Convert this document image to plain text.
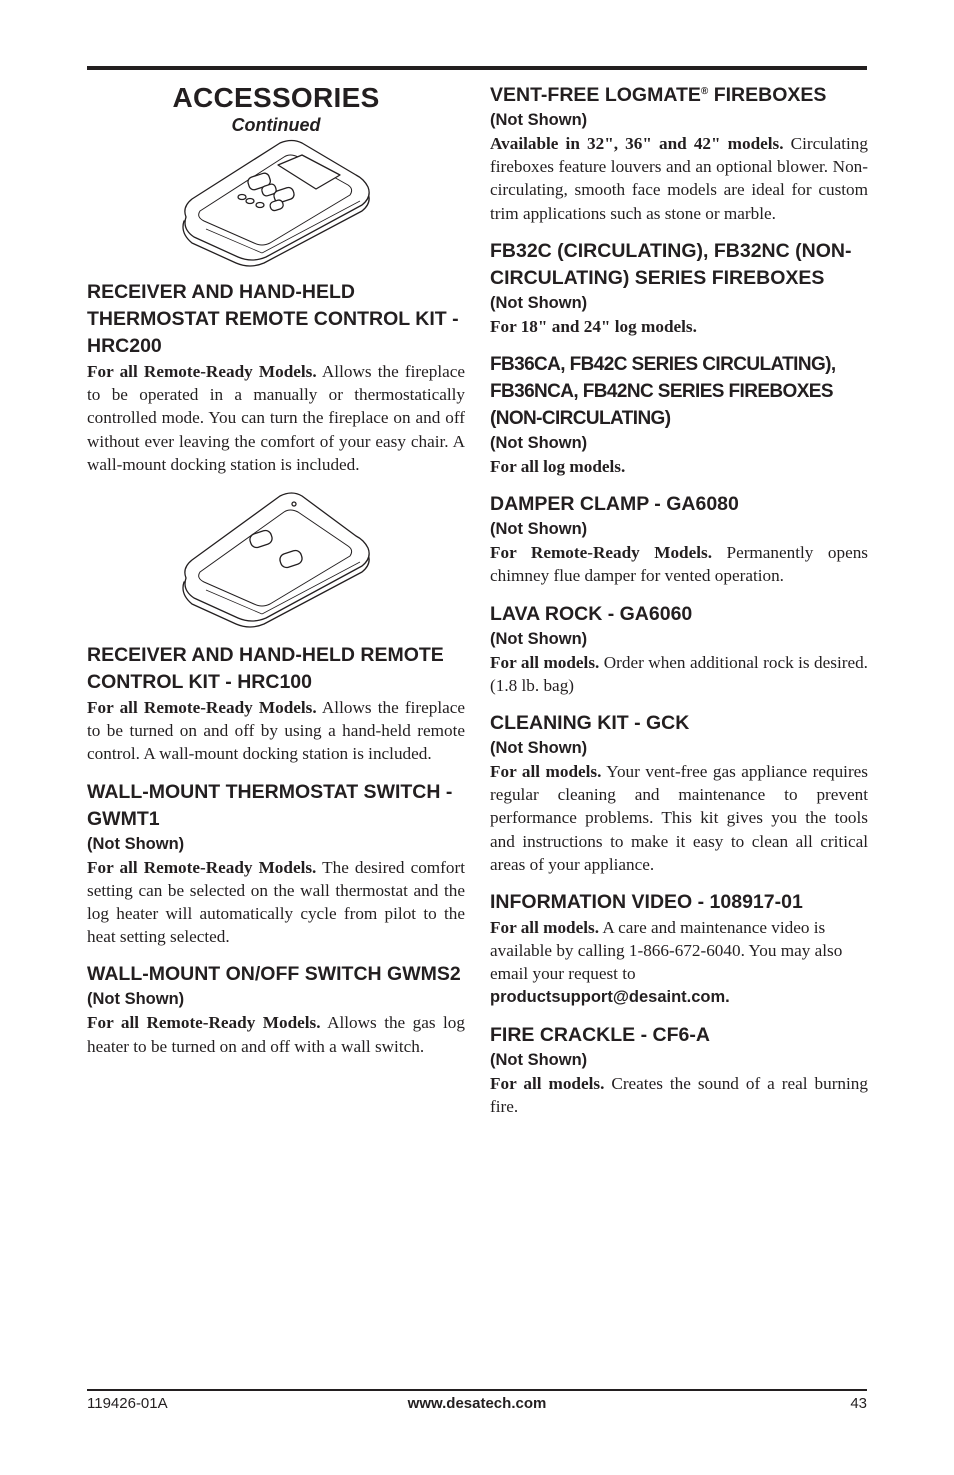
ACCESSORIES

Continued

RECEIVER AND HAND-HELD THERMOSTAT REMOTE CONTROL KIT - HRC200

For all Remote-Ready Models. Allows the fireplace to be operated in a manually or thermostatically controlled mode. You can turn the fireplace on and off without ever leaving the comfort of your easy chair. A wall-mount docking station is included.

RECEIVER AND HAND-HELD REMOTE CONTROL KIT - HRC100

For all Remote-Ready Models. Allows the fireplace to be turned on and off by using a hand-held remote control. A wall-mount docking station is included.

WALL-MOUNT THERMOSTAT SWITCH - GWMT1

(Not Shown)

For all Remote-Ready Models. The desired comfort setting can be selected on the wall thermostat and the log heater will automatically cycle from pilot to the heat setting selected.

WALL-MOUNT ON/OFF SWITCH GWMS2

(Not Shown)

For all Remote-Ready Models. Allows the gas log heater to be turned on and off with a wall switch.

VENT-FREE LOGMATE® FIREBOXES

(Not Shown)

Available in 32", 36" and 42" models. Circulating fireboxes feature louvers and an optional blower. Non-circulating, smooth face models are ideal for custom trim applications such as stone or marble.

FB32C (CIRCULATING), FB32NC (NON-CIRCULATING) SERIES FIREBOXES

(Not Shown)

For 18" and 24" log models.

FB36CA, FB42C SERIES CIRCULATING), FB36NCA, FB42NC SERIES FIREBOXES (NON-CIRCULATING)

(Not Shown)

For all log models.

DAMPER CLAMP - GA6080

(Not Shown)

For Remote-Ready Models. Permanently opens chimney flue damper for vented operation.

LAVA ROCK - GA6060

(Not Shown)

For all models. Order when additional rock is desired. (1.8 lb. bag)

CLEANING KIT - GCK

(Not Shown)

For all models. Your vent-free gas appliance requires regular cleaning and maintenance to prevent performance problems. This kit gives you the tools and instructions to make it easy to clean all critical areas of your appliance.

INFORMATION VIDEO - 108917-01

For all models. A care and maintenance video is available by calling 1-866-672-6040. You may also email your request to

productsupport@desaint.com.

FIRE CRACKLE - CF6-A

(Not Shown)

For all models. Creates the sound of a real burning fire.

119426-01A	www.desatech.com	43
